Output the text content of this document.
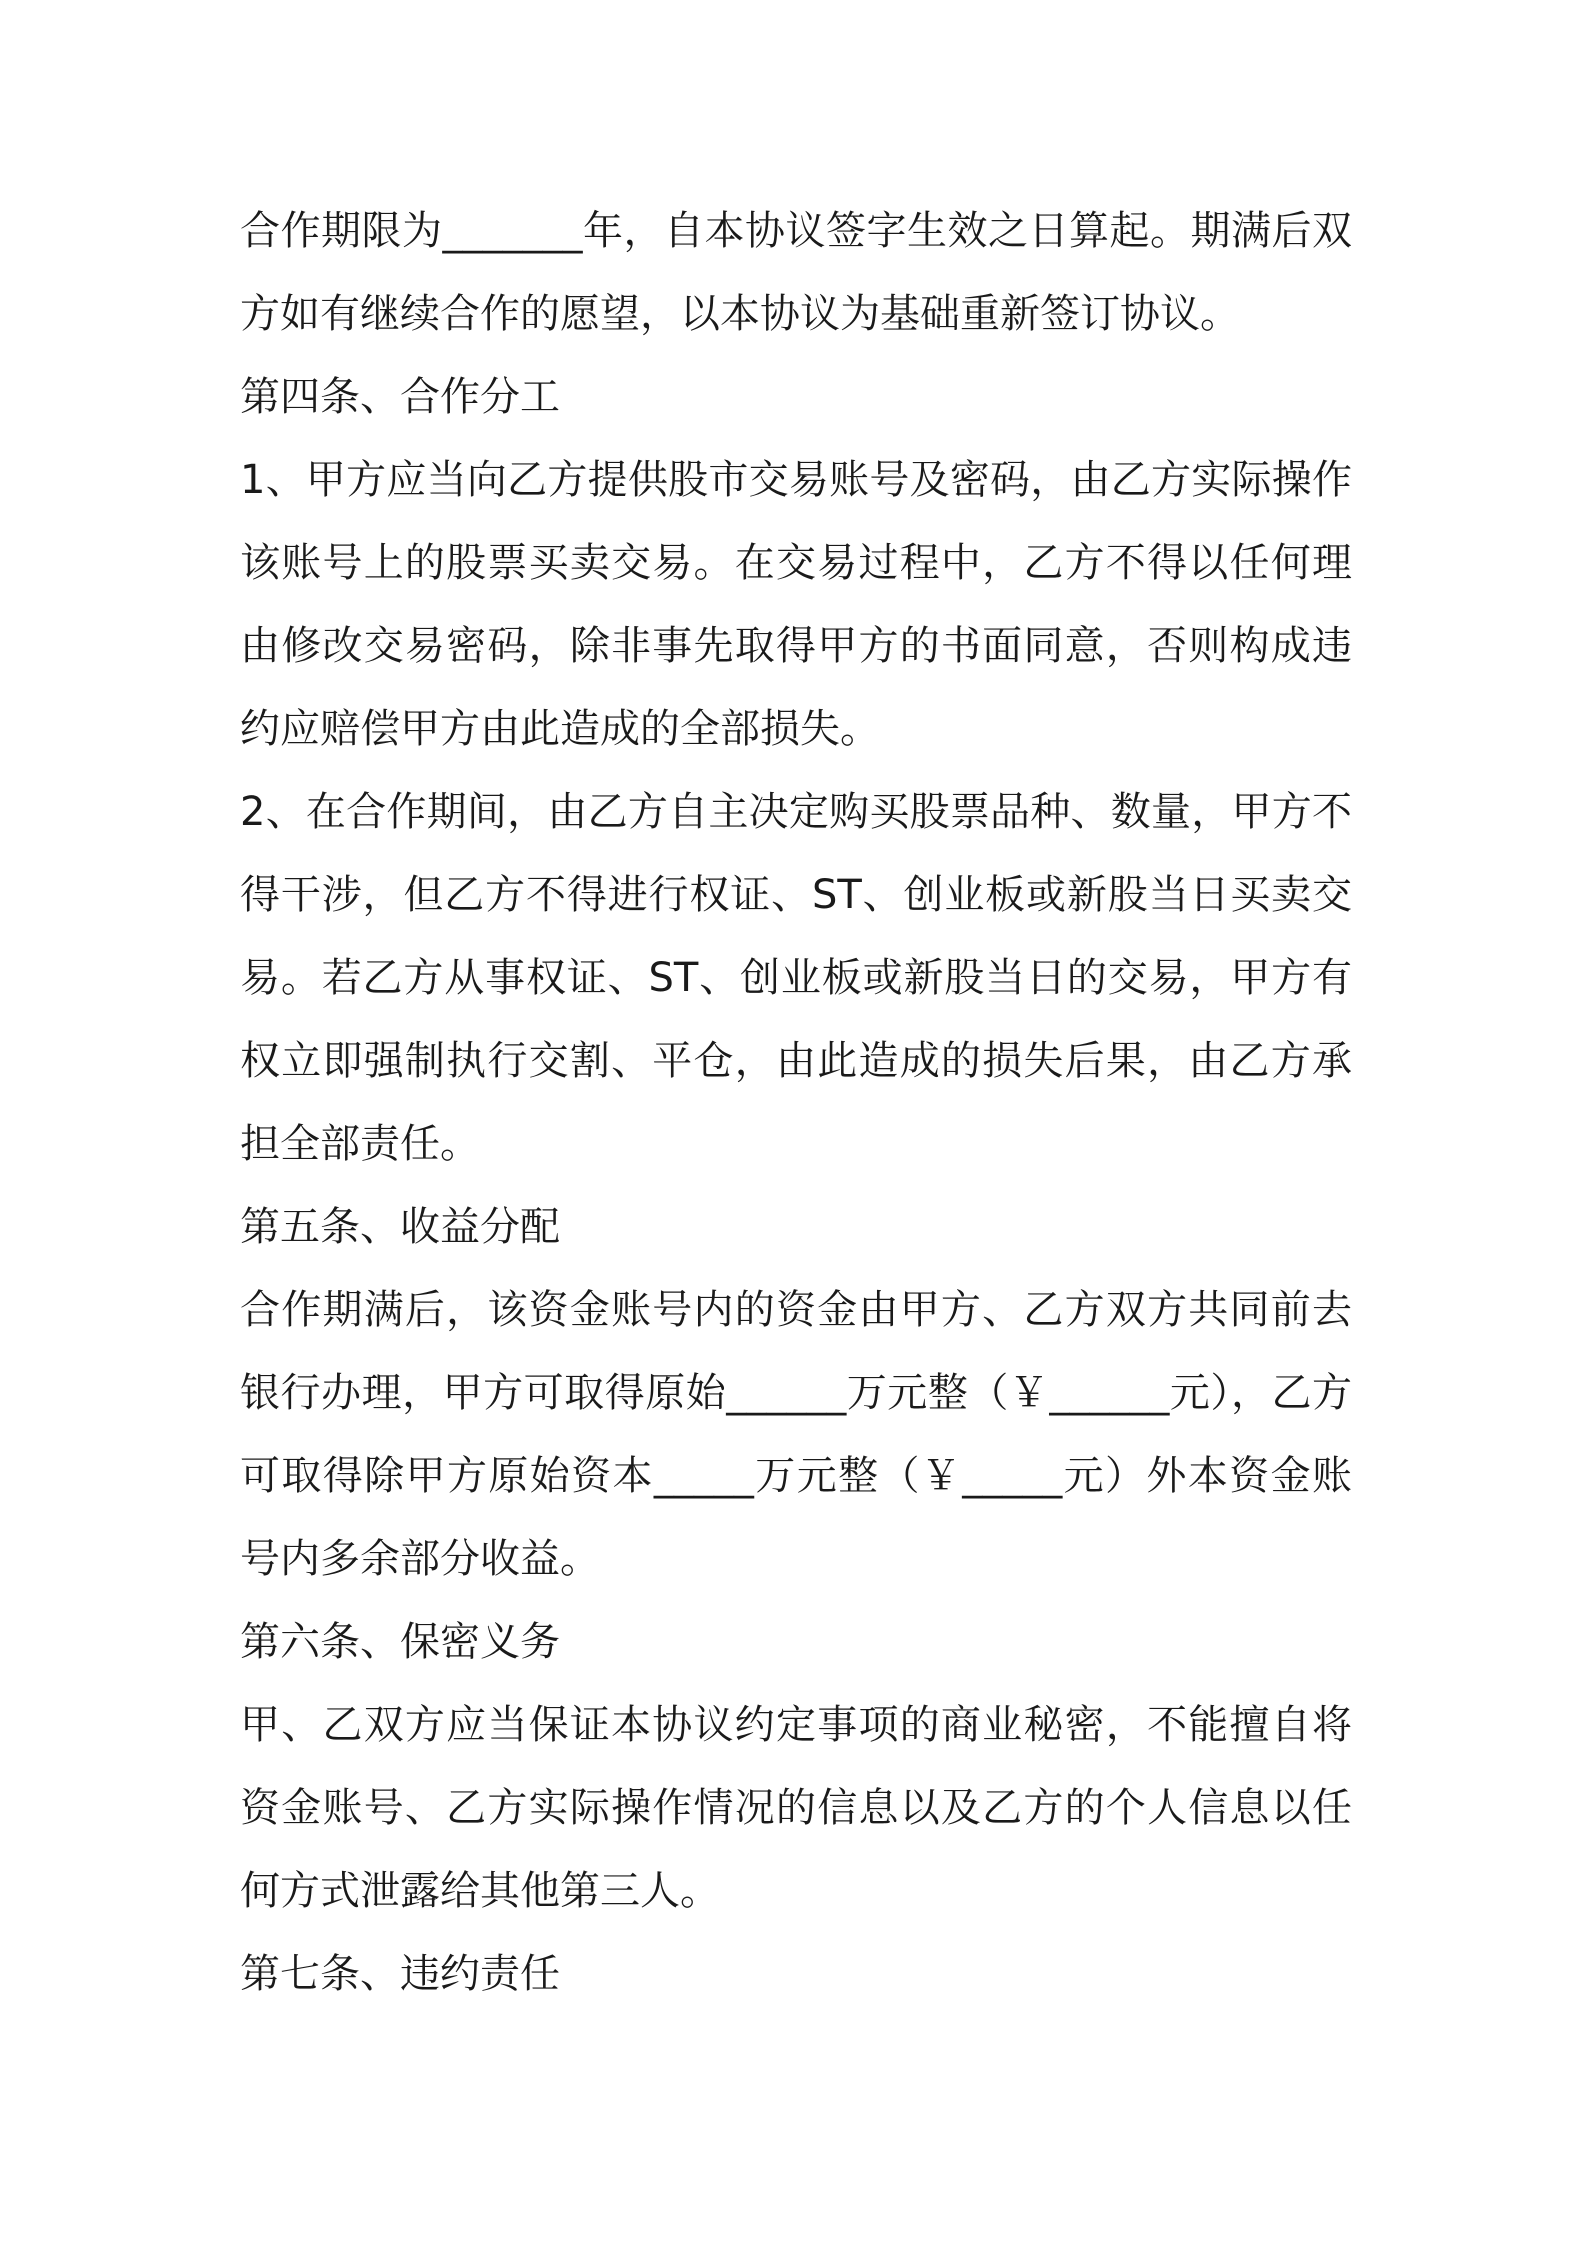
合作期限为_______年，自本协议签字生效之日算起。期满后双方如有继续合作的愿望，以本协议为基础重新签订协议。

第四条、合作分工

1、甲方应当向乙方提供股市交易账号及密码，由乙方实际操作该账号上的股票买卖交易。在交易过程中，乙方不得以任何理由修改交易密码，除非事先取得甲方的书面同意，否则构成违约应赔偿甲方由此造成的全部损失。

2、在合作期间，由乙方自主决定购买股票品种、数量，甲方不得干涉，但乙方不得进行权证、ST、创业板或新股当日买卖交易。若乙方从事权证、ST、创业板或新股当日的交易，甲方有权立即强制执行交割、平仓，由此造成的损失后果，由乙方承担全部责任。

第五条、收益分配

合作期满后，该资金账号内的资金由甲方、乙方双方共同前去银行办理，甲方可取得原始______万元整（￥______元），乙方可取得除甲方原始资本_____万元整（￥_____元）外本资金账号内多余部分收益。

第六条、保密义务

甲、乙双方应当保证本协议约定事项的商业秘密，不能擅自将资金账号、乙方实际操作情况的信息以及乙方的个人信息以任何方式泄露给其他第三人。

第七条、违约责任
